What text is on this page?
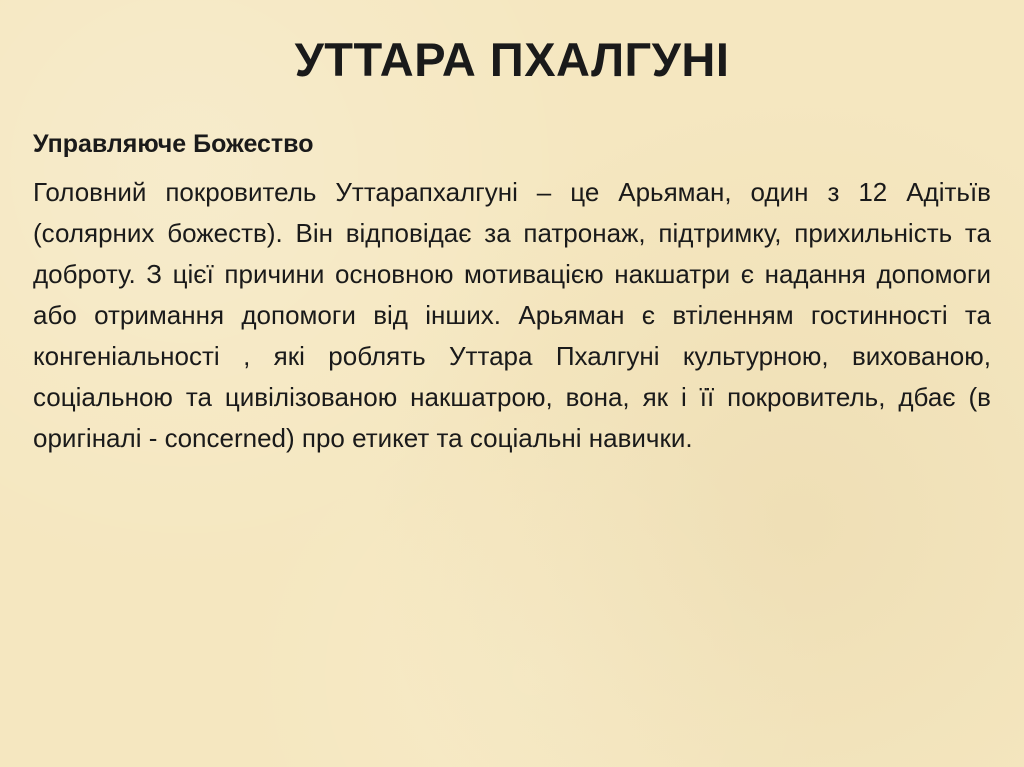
УТТАРА ПХАЛГУНІ

Управляюче Божество

Головний покровитель Уттарапхалгуні – це Арьяман, один з 12 Адітьїв (солярних божеств). Він відповідає за патронаж, підтримку, прихильність та доброту. З цієї причини основною мотивацією накшатри є надання допомоги або отримання допомоги від інших. Арьяман є втіленням гостинності та конгеніальності , які роблять Уттара Пхалгуні культурною, вихованою, соціальною та цивілізованою накшатрою, вона, як і її покровитель, дбає (в оригіналі - concerned) про етикет та соціальні навички.
